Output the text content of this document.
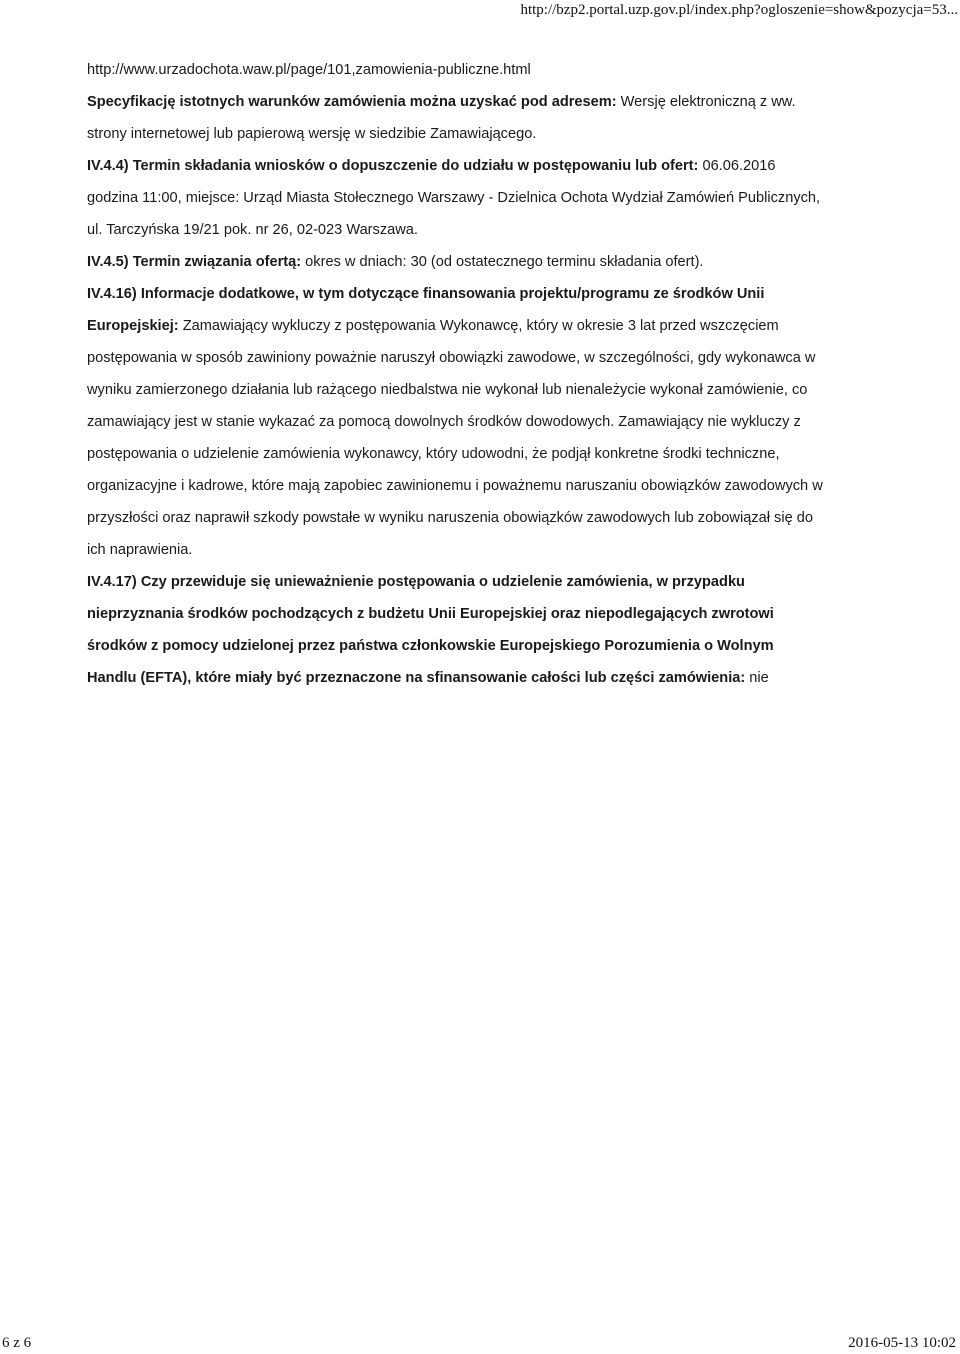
http://bzp2.portal.uzp.gov.pl/index.php?ogloszenie=show&pozycja=53...

http://www.urzadochota.waw.pl/page/101,zamowienia-publiczne.html

Specyfikację istotnych warunków zamówienia można uzyskać pod adresem: Wersję elektroniczną z ww.

strony internetowej lub papierową wersję w siedzibie Zamawiającego.

IV.4.4) Termin składania wniosków o dopuszczenie do udziału w postępowaniu lub ofert: 06.06.2016

godzina 11:00, miejsce: Urząd Miasta Stołecznego Warszawy - Dzielnica Ochota Wydział Zamówień Publicznych,

ul. Tarczyńska 19/21 pok. nr 26, 02-023 Warszawa.

IV.4.5) Termin związania ofertą: okres w dniach: 30 (od ostatecznego terminu składania ofert).

IV.4.16) Informacje dodatkowe, w tym dotyczące finansowania projektu/programu ze środków Unii

Europejskiej: Zamawiający wykluczy z postępowania Wykonawcę, który w okresie 3 lat przed wszczęciem

postępowania w sposób zawiniony poważnie naruszył obowiązki zawodowe, w szczególności, gdy wykonawca w

wyniku zamierzonego działania lub rażącego niedbalstwa nie wykonał lub nienależycie wykonał zamówienie, co

zamawiający jest w stanie wykazać za pomocą dowolnych środków dowodowych. Zamawiający nie wykluczy z

postępowania o udzielenie zamówienia wykonawcy, który udowodni, że podjął konkretne środki techniczne,

organizacyjne i kadrowe, które mają zapobiec zawinionemu i poważnemu naruszaniu obowiązków zawodowych w

przyszłości oraz naprawił szkody powstałe w wyniku naruszenia obowiązków zawodowych lub zobowiązał się do

ich naprawienia.

IV.4.17) Czy przewiduje się unieważnienie postępowania o udzielenie zamówienia, w przypadku

nieprzyznania środków pochodzących z budżetu Unii Europejskiej oraz niepodlegających zwrotowi

środków z pomocy udzielonej przez państwa członkowskie Europejskiego Porozumienia o Wolnym

Handlu (EFTA), które miały być przeznaczone na sfinansowanie całości lub części zamówienia: nie

6 z 6	2016-05-13 10:02
